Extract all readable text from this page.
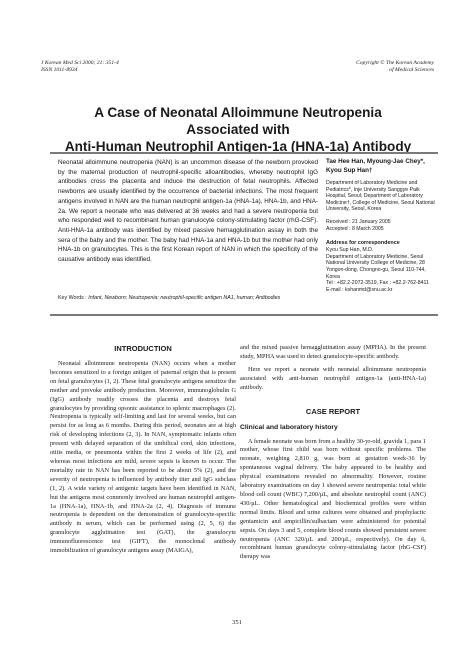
J Korean Med Sci 2006; 21: 351-4
ISSN 1011-8934
Copyright © The Korean Academy
of Medical Sciences
A Case of Neonatal Alloimmune Neutropenia Associated with
Anti-Human Neutrophil Antigen-1a (HNA-1a) Antibody

Neonatal alloimmune neutropenia (NAN) is an uncommon disease of the newborn provoked by the maternal production of neutrophil-specific alloantibodies, whereby neutrophil IgG antibodies cross the placenta and induce the destruction of fetal neutrophils. Affected newborns are usually identified by the occurrence of bacterial infections. The most frequent antigens involved in NAN are the human neutrophil antigen-1a (HNA-1a), HNA-1b, and HNA-2a. We report a neonate who was delivered at 36 weeks and had a severe neutropenia but who responded well to recombinant human granulocyte colony-stimulating factor (rhG-CSF). Anti-HNA-1a antibody was identified by mixed passive hemagglutination assay in both the sera of the baby and the mother. The baby had HNA-1a and HNA-1b but the mother had only HNA-1b on granulocytes. This is the first Korean report of NAN in which the specificity of the causative antibody was identified.

Key Words : Infant, Newborn; Neutropenia; neutrophil-specific antigen NA1, human; Antibodies

Tae Hee Han, Myoung-Jae Chey*,
Kyou Sup Han†

Department of Laboratory Medicine and Pediatrics*, Inje University Sanggye Paik Hospital, Seoul; Department of Laboratory Medicine†, College of Medicine, Seoul National University, Seoul, Korea

Received : 21 January 2005
Accepted : 8 March 2005

Address for correspondence

Kyou Sup Han, M.D.
Department of Laboratory Medicine, Seoul National University College of Medicine, 28 Yongon-dong, Chongno-gu, Seoul 110-744, Korea
Tel : +82.2-2072-3519, Fax : +82.2-762-8411
E-mail : kshanmd@snu.ac.kr

INTRODUCTION

Neonatal alloimmune neutropenia (NAN) occurs when a mother becomes sensitized to a foreign antigen of paternal origin that is present on fetal granulocytes (1, 2). These fetal granulocyte antigens sensitize the mother and provoke antibody production. Moreover, immunoglobulin G (IgG) antibody readily crosses the placenta and destroys fetal granulocytes by providing opsonic assistance to splenic macrophages (2). Neutropenia is typically self-limiting and last for several weeks, but can persist for as long as 6 months. During this period, neonates are at high risk of developing infections (2, 3). In NAN, symptomatic infants often present with delayed separation of the umbilical cord, skin infections, otitis media, or pneumonia within the first 2 weeks of life (2), and whereas most infections are mild, severe sepsis is known to occur. The mortality rate in NAN has been reported to be about 5% (2), and the severity of neutropenia is influenced by antibody titer and IgG subclass (1, 2). A wide variety of antigenic targets have been identified in NAN, but the antigens most commonly involved are human neutrophil antigen-1a (HNA-1a), HNA-1b, and HNA-2a (2, 4). Diagnosis of immune neutropenia is dependent on the demonstration of granulocyte-specific antibody in serum, which can be performed using (2, 5, 6) the granulocyte agglutination test (GAT), the granulocyte immunofluorescence test (GIFT), the monoclonal antibody immobilization of granulocyte antigens assay (MAIGA),

and the mixed passive hemagglutination assay (MPHA). In the present study, MPHA was used to detect granulocyte-specific antibody.

Here we report a neonate with neonatal alloimmune neutropenia associated with anti-human neutrophil antigen-1a (anti-HNA-1a) antibody.

CASE REPORT
Clinical and laboratory history

A female neonate was born from a healthy 30-yr-old, gravida 1, para 1 mother, whose first child was born without specific problems. The neonate, weighing 2,810 g, was born at gestation week-36 by spontaneous vaginal delivery. The baby appeared to be healthy and physical examinations revealed no abnormality. However, routine laboratory examinations on day 1 showed severe neutropenia: total white blood cell count (WBC) 7,200/μL, and absolute neutrophil count (ANC) 430/μL. Other hematological and biochemical profiles were within normal limits. Blood and urine cultures were obtained and prophylactic gentamicin and ampicillin/sulbactam were administered for potential sepsis. On days 3 and 5, complete blood counts showed persistent severe neutropenia (ANC 320/μL and 200/μL, respectively). On day 6, recombinant human granulocyte colony-stimulating factor (rhG-CSF) therapy was

351
